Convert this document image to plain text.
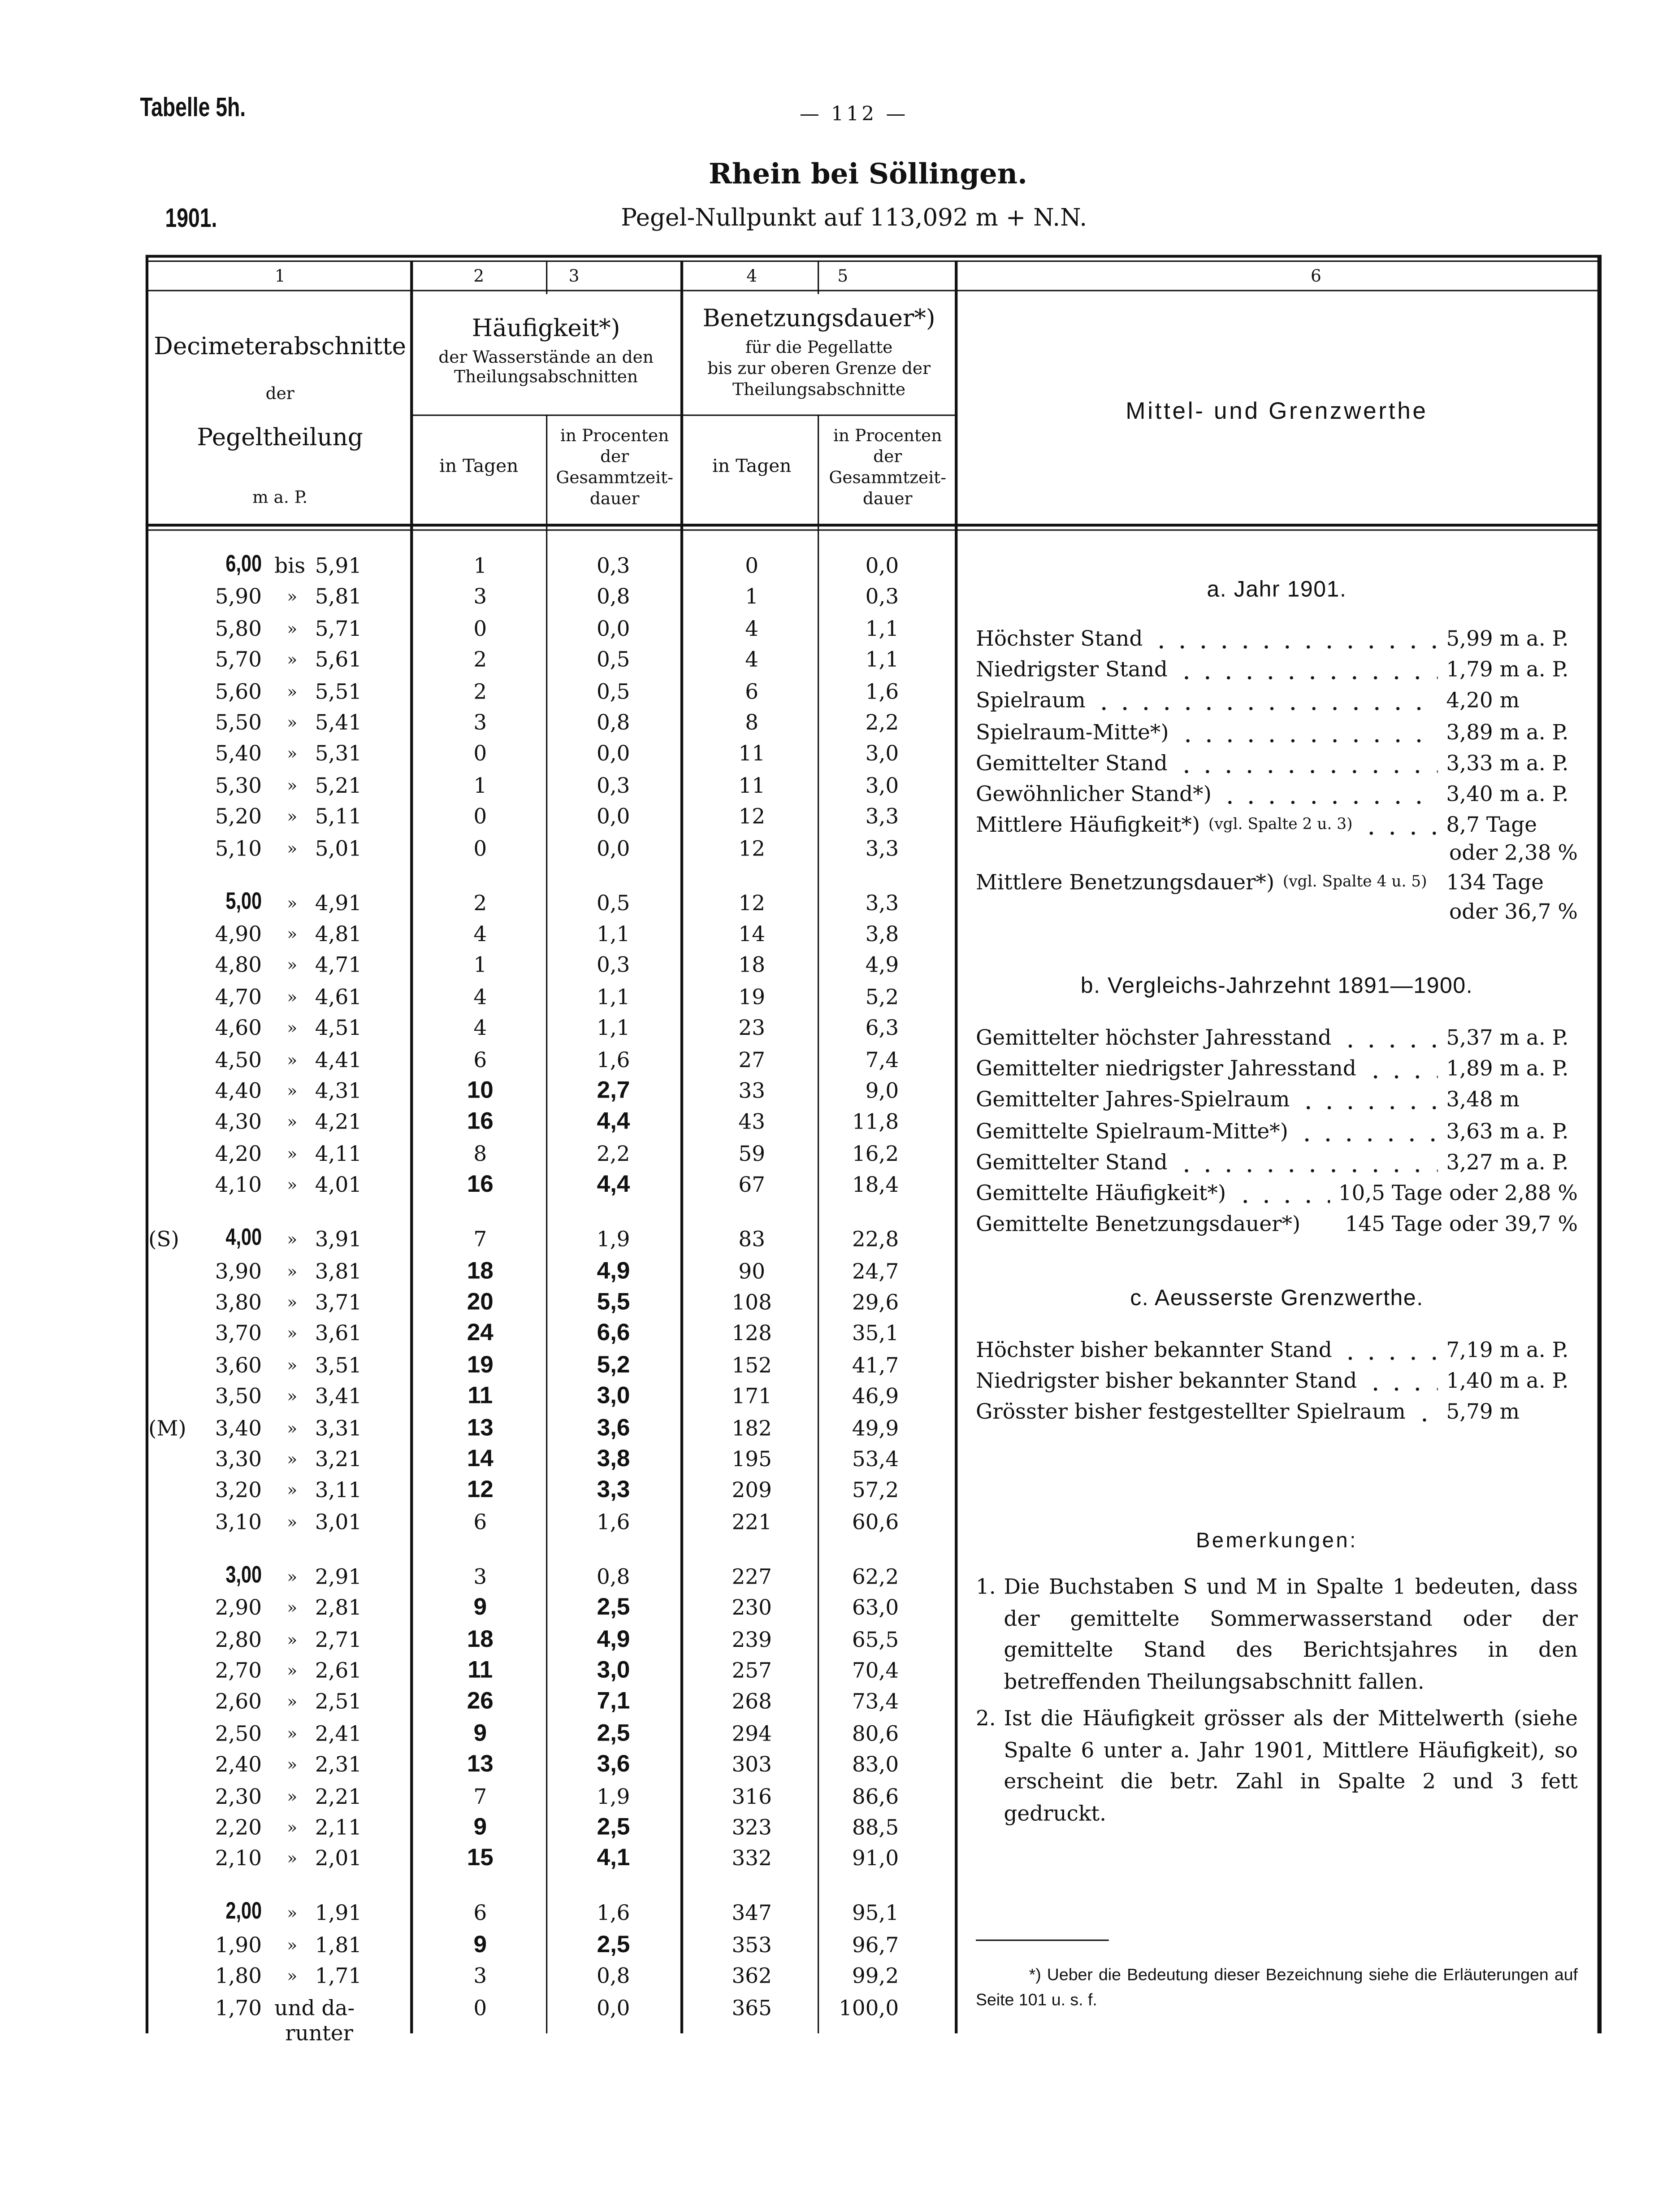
Tabelle 5h.	— 112 —
Rhein bei Söllingen.
1901.	Pegel-Nullpunkt auf 113,092 m + N.N.
1	2	3	4	5	6
Decimeterabschnitte
der
Pegeltheilung
m a. P.
Häufigkeit*)
der Wasserstände an den
Theilungsabschnitten
Benetzungsdauer*)
für die Pegellatte
bis zur oberen Grenze der
Theilungsabschnitte
in Tagen	in Tagen
in Procenten
der
Gesammtzeit-
dauer
in Procenten
der
Gesammtzeit-
dauer
Mittel- und Grenzwerthe
6,00 bis 5,91	1	0,3	0	0,0
5,90	»	5,81	3	0,8	1	0,3
5,80	»	5,71	0	0,0	4	1,1
5,70	»	5,61	2	0,5	4	1,1
5,60	»	5,51	2	0,5	6	1,6
5,50	»	5,41	3	0,8	8	2,2
5,40	»	5,31	0	0,0	11	3,0
5,30	»	5,21	1	0,3	11	3,0
5,20	»	5,11	0	0,0	12	3,3
5,10	»	5,01	0	0,0	12	3,3
5,00	»	4,91	2	0,5	12	3,3
4,90	»	4,81	4	1,1	14	3,8
4,80	»	4,71	1	0,3	18	4,9
4,70	»	4,61	4	1,1	19	5,2
4,60	»	4,51	4	1,1	23	6,3
4,50	»	4,41	6	1,6	27	7,4
4,40	»	4,31	10	2,7	33	9,0
4,30	»	4,21	16	4,4	43	11,8
4,20	»	4,11	8	2,2	59	16,2
4,10	»	4,01	16	4,4	67	18,4
(S)	4,00	»	3,91	7	1,9	83	22,8
3,90	»	3,81	18	4,9	90	24,7
3,80	»	3,71	20	5,5	108	29,6
3,70	»	3,61	24	6,6	128	35,1
3,60	»	3,51	19	5,2	152	41,7
3,50	»	3,41	11	3,0	171	46,9
(M)	3,40	»	3,31	13	3,6	182	49,9
3,30	»	3,21	14	3,8	195	53,4
3,20	»	3,11	12	3,3	209	57,2
3,10	»	3,01	6	1,6	221	60,6
3,00	»	2,91	3	0,8	227	62,2
2,90	»	2,81	9	2,5	230	63,0
2,80	»	2,71	18	4,9	239	65,5
2,70	»	2,61	11	3,0	257	70,4
2,60	»	2,51	26	7,1	268	73,4
2,50	»	2,41	9	2,5	294	80,6
2,40	»	2,31	13	3,6	303	83,0
2,30	»	2,21	7	1,9	316	86,6
2,20	»	2,11	9	2,5	323	88,5
2,10	»	2,01	15	4,1	332	91,0
2,00	»	1,91	6	1,6	347	95,1
1,90	»	1,81	9	2,5	353	96,7
1,80	»	1,71	3	0,8	362	99,2
1,70 und da-
runter
0	0,0	365	100,0
a. Jahr 1901.
Höchster Stand	5,99 m a. P.
Niedrigster Stand	1,79 m a. P.
Spielraum	4,20 m
Spielraum-Mitte*)	3,89 m a. P.
Gemittelter Stand	3,33 m a. P.
Gewöhnlicher Stand*)	3,40 m a. P.
Mittlere Häufigkeit*) (vgl. Spalte 2 u. 3)	8,7 Tage
oder 2,38 %
Mittlere Benetzungsdauer*) (vgl. Spalte 4 u. 5)	134 Tage
oder 36,7 %
b. Vergleichs-Jahrzehnt 1891—1900.
Gemittelter höchster Jahresstand	5,37 m a. P.
Gemittelter niedrigster Jahresstand	1,89 m a. P.
Gemittelter Jahres-Spielraum	3,48 m
Gemittelte Spielraum-Mitte*)	3,63 m a. P.
Gemittelter Stand	3,27 m a. P.
Gemittelte Häufigkeit*)	10,5 Tage oder 2,88 %
Gemittelte Benetzungsdauer*)	145 Tage oder 39,7 %
c. Aeusserste Grenzwerthe.
Höchster bisher bekannter Stand	7,19 m a. P.
Niedrigster bisher bekannter Stand	1,40 m a. P.
Grösster bisher festgestellter Spielraum	5,79 m
Bemerkungen:
1.	Die Buchstaben S und M in Spalte 1 bedeuten, dass der gemittelte Sommerwasserstand oder der gemittelte Stand des Berichtsjahres in den betreffenden Theilungsabschnitt fallen.
2.	Ist die Häufigkeit grösser als der Mittelwerth (siehe Spalte 6 unter a. Jahr 1901, Mittlere Häufigkeit), so erscheint die betr. Zahl in Spalte 2 und 3 fett gedruckt.
*) Ueber die Bedeutung dieser Bezeichnung siehe die Erläuterungen auf Seite 101 u. s. f.
